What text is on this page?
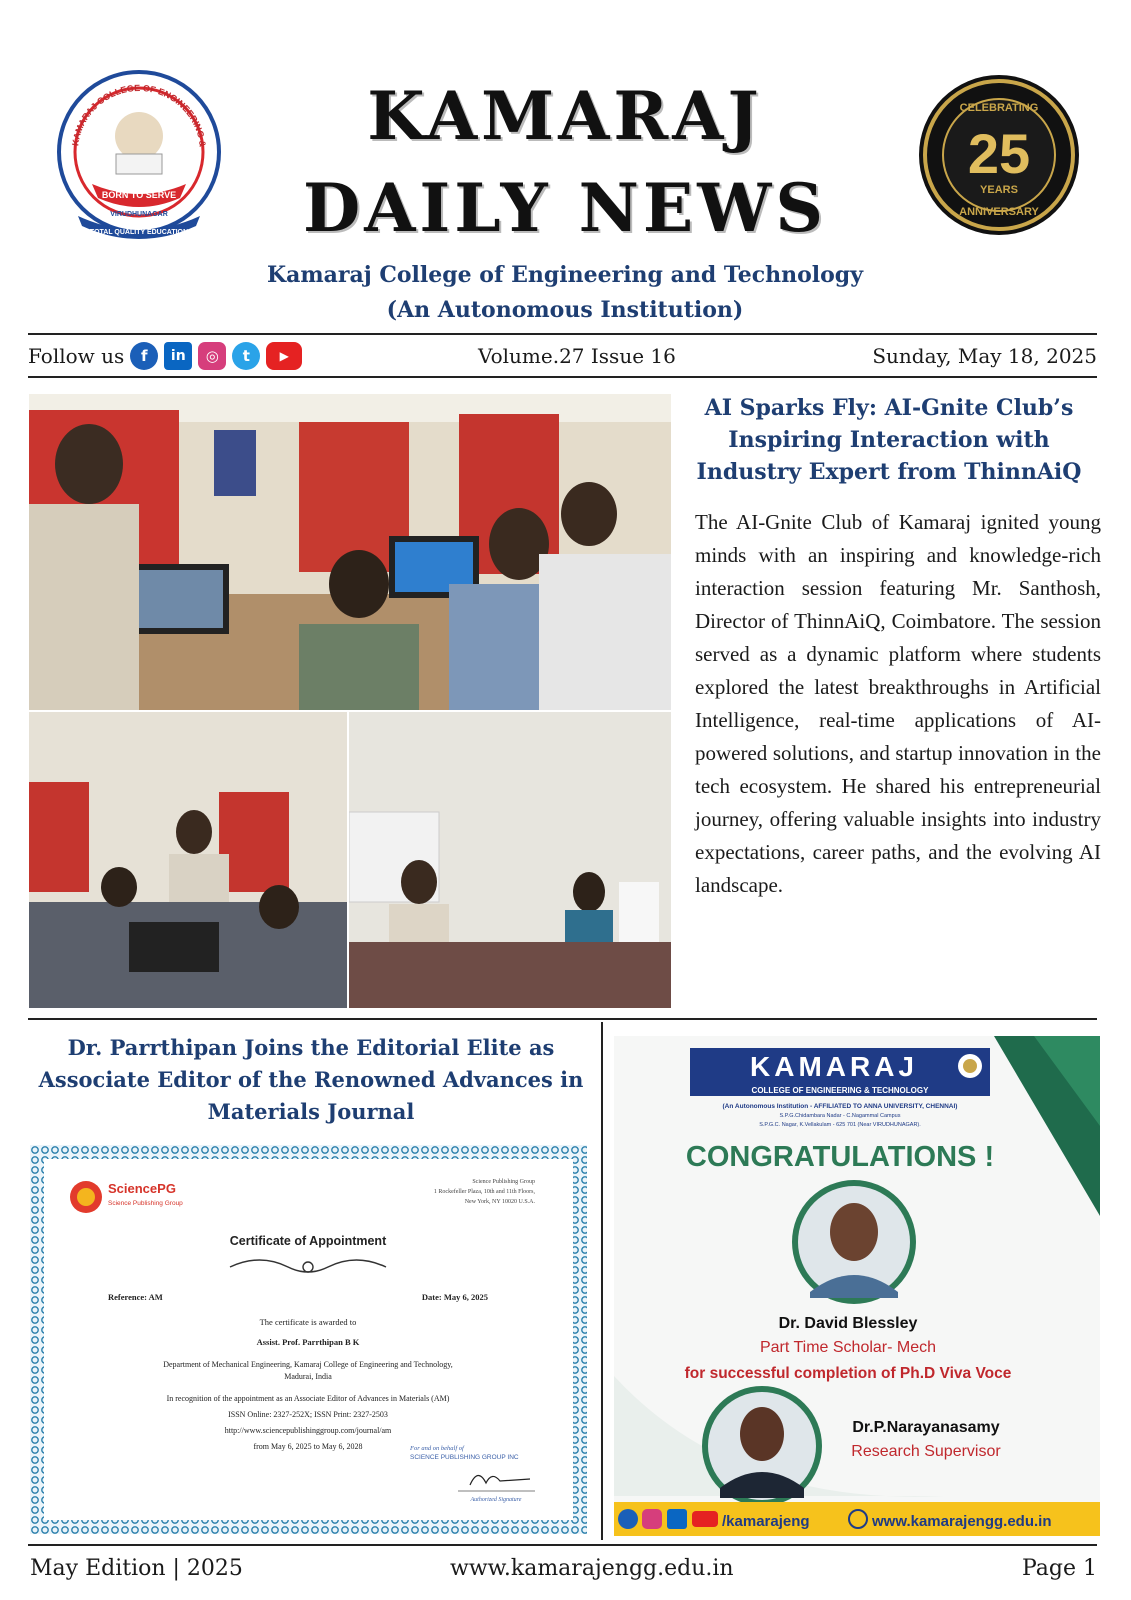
KAMARAJ COLLEGE OF ENGINEERING &
BORN TO SERVE
VIRUDHUNAGAR
TOTAL QUALITY EDUCATION
KAMARAJ
DAILY NEWS
CELEBRATING
25
YEARS
ANNIVERSARY
Kamaraj College of Engineering and Technology
(An Autonomous Institution)
Follow us	f	in	◎	t	▶	Volume.27 Issue 16	Sunday, May 18, 2025
AI Sparks Fly: AI-Gnite Club’s Inspiring Interaction with Industry Expert from ThinnAiQ
The AI-Gnite Club of Kamaraj ignited young minds with an inspiring and knowledge-rich interaction session featuring Mr. Santhosh, Director of ThinnAiQ, Coimbatore. The session served as a dynamic platform where students explored the latest breakthroughs in Artificial Intelligence, real-time applications of AI-powered solutions, and startup innovation in the tech ecosystem. He shared his entrepreneurial journey, offering valuable insights into industry expectations, career paths, and the evolving AI landscape.
Dr. Parrthipan Joins the Editorial Elite as Associate Editor of the Renowned Advances in Materials Journal
SciencePG
Science Publishing Group
Science Publishing Group
1 Rockefeller Plaza, 10th and 11th Floors,
New York, NY 10020 U.S.A.
Certificate of Appointment
Reference: AM	Date: May 6, 2025
The certificate is awarded to
Assist. Prof. Parrthipan B K
Department of Mechanical Engineering, Kamaraj College of Engineering and Technology,
Madurai, India
In recognition of the appointment as an Associate Editor of Advances in Materials (AM)
ISSN Online: 2327-252X; ISSN Print: 2327-2503
http://www.sciencepublishinggroup.com/journal/am
from May 6, 2025 to May 6, 2028	For and on behalf of
SCIENCE PUBLISHING GROUP INC
Authorized Signature
KAMARAJ
COLLEGE OF ENGINEERING & TECHNOLOGY
(An Autonomous Institution - AFFILIATED TO ANNA UNIVERSITY, CHENNAI)
S.P.G.Chidambara Nadar - C.Nagammal Campus
S.P.G.C. Nagar, K.Vellakulam - 625 701 (Near VIRUDHUNAGAR).
CONGRATULATIONS !
Dr. David Blessley
Part Time Scholar- Mech
for successful completion of Ph.D Viva Voce
Dr.P.Narayanasamy
Research Supervisor
/kamarajeng	www.kamarajengg.edu.in
May Edition | 2025	www.kamarajengg.edu.in	Page 1
